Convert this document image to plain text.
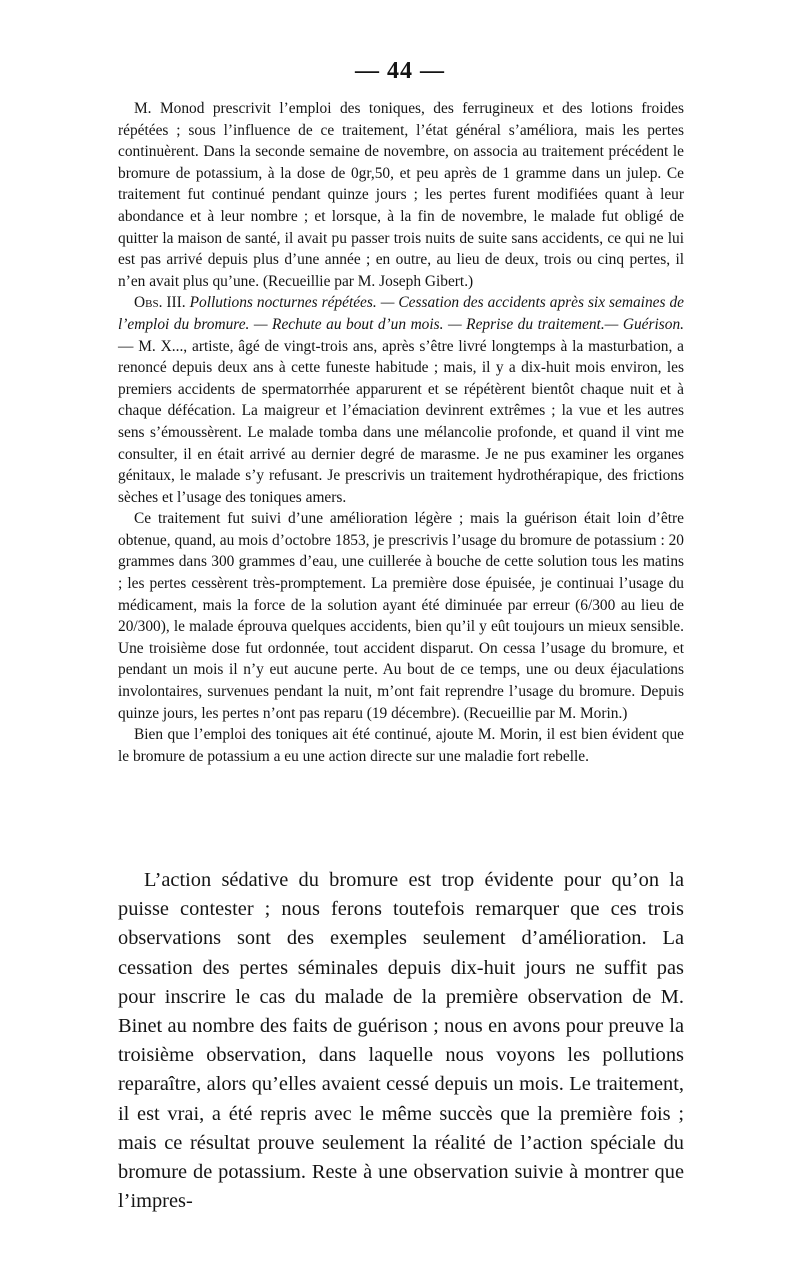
— 44 —

M. Monod prescrivit l’emploi des toniques, des ferrugineux et des lotions froides répétées ; sous l’influence de ce traitement, l’état général s’améliora, mais les pertes continuèrent. Dans la seconde semaine de novembre, on associa au traitement précédent le bromure de potassium, à la dose de 0gr,50, et peu après de 1 gramme dans un julep. Ce traitement fut continué pendant quinze jours ; les pertes furent modifiées quant à leur abondance et à leur nombre ; et lorsque, à la fin de novembre, le malade fut obligé de quitter la maison de santé, il avait pu passer trois nuits de suite sans accidents, ce qui ne lui est pas arrivé depuis plus d’une année ; en outre, au lieu de deux, trois ou cinq pertes, il n’en avait plus qu’une. (Recueillie par M. Joseph Gibert.)

Obs. III. Pollutions nocturnes répétées. — Cessation des accidents après six semaines de l’emploi du bromure. — Rechute au bout d’un mois. — Reprise du traitement.— Guérison. — M. X..., artiste, âgé de vingt-trois ans, après s’être livré longtemps à la masturbation, a renoncé depuis deux ans à cette funeste habitude ; mais, il y a dix-huit mois environ, les premiers accidents de spermatorrhée apparurent et se répétèrent bientôt chaque nuit et à chaque défécation. La maigreur et l’émaciation devinrent extrêmes ; la vue et les autres sens s’émoussèrent. Le malade tomba dans une mélancolie profonde, et quand il vint me consulter, il en était arrivé au dernier degré de marasme. Je ne pus examiner les organes génitaux, le malade s’y refusant. Je prescrivis un traitement hydrothérapique, des frictions sèches et l’usage des toniques amers.

Ce traitement fut suivi d’une amélioration légère ; mais la guérison était loin d’être obtenue, quand, au mois d’octobre 1853, je prescrivis l’usage du bromure de potassium : 20 grammes dans 300 grammes d’eau, une cuillerée à bouche de cette solution tous les matins ; les pertes cessèrent très-promptement. La première dose épuisée, je continuai l’usage du médicament, mais la force de la solution ayant été diminuée par erreur (6/300 au lieu de 20/300), le malade éprouva quelques accidents, bien qu’il y eût toujours un mieux sensible. Une troisième dose fut ordonnée, tout accident disparut. On cessa l’usage du bromure, et pendant un mois il n’y eut aucune perte. Au bout de ce temps, une ou deux éjaculations involontaires, survenues pendant la nuit, m’ont fait reprendre l’usage du bromure. Depuis quinze jours, les pertes n’ont pas reparu (19 décembre). (Recueillie par M. Morin.)

Bien que l’emploi des toniques ait été continué, ajoute M. Morin, il est bien évident que le bromure de potassium a eu une action directe sur une maladie fort rebelle.

L’action sédative du bromure est trop évidente pour qu’on la puisse contester ; nous ferons toutefois remarquer que ces trois observations sont des exemples seulement d’amélioration. La cessation des pertes séminales depuis dix-huit jours ne suffit pas pour inscrire le cas du malade de la première observation de M. Binet au nombre des faits de guérison ; nous en avons pour preuve la troisième observation, dans laquelle nous voyons les pollutions reparaître, alors qu’elles avaient cessé depuis un mois. Le traitement, il est vrai, a été repris avec le même succès que la première fois ; mais ce résultat prouve seulement la réalité de l’action spéciale du bromure de potassium. Reste à une observation suivie à montrer que l’impres-
